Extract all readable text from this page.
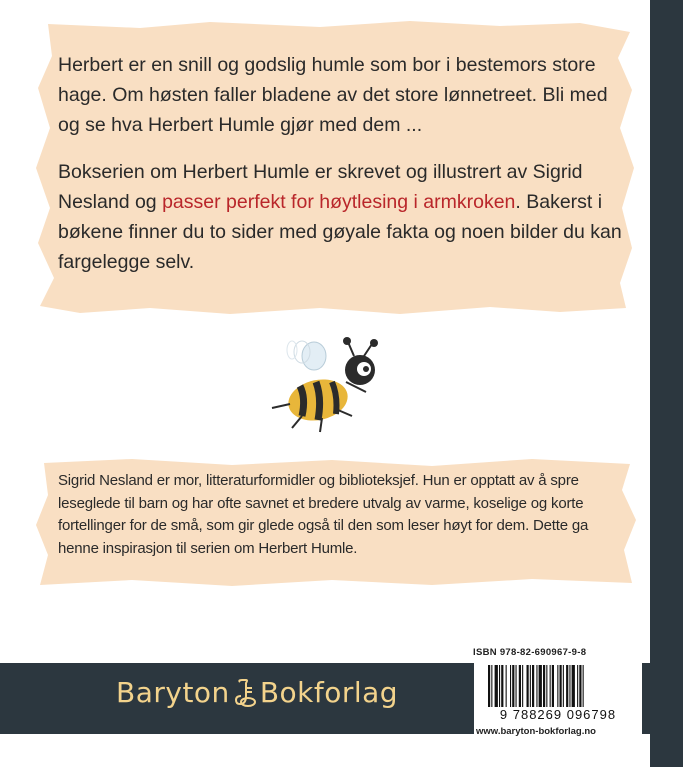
Herbert er en snill og godslig humle som bor i bestemors store hage. Om høsten faller bladene av det store lønnetreet. Bli med og se hva Herbert Humle gjør med dem ...

Bokserien om Herbert Humle er skrevet og illustrert av Sigrid Nesland og passer perfekt for høytlesing i armkroken. Bakerst i bøkene finner du to sider med gøyale fakta og noen bilder du kan fargelegge selv.

Sigrid Nesland er mor, litteraturformidler og biblioteksjef. Hun er opptatt av å spre leseglede til barn og har ofte savnet et bredere utvalg av varme, koselige og korte fortellinger for de små, som gir glede også til den som leser høyt for dem. Dette ga henne inspirasjon til serien om Herbert Humle.
Baryton Bokforlag
ISBN 978-82-690967-9-8
9 788269 096798
www.baryton-bokforlag.no
